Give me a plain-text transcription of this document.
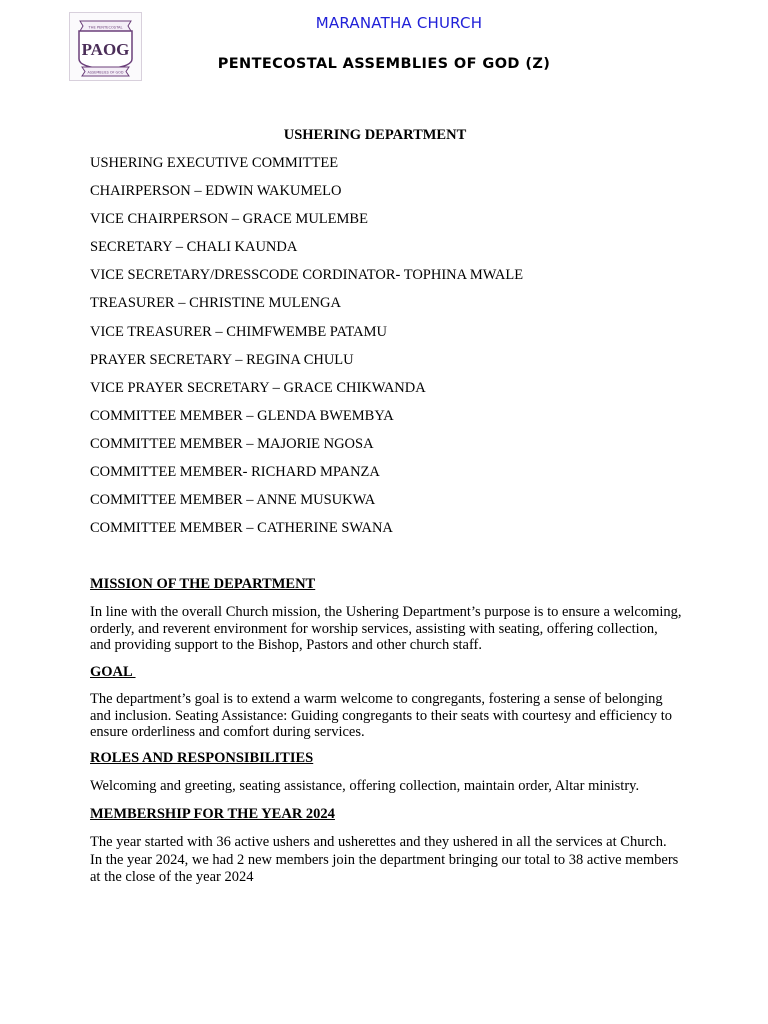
THE PENTECOSTAL
PAOG
ASSEMBLIES OF GOD
MARANATHA CHURCH
PENTECOSTAL ASSEMBLIES OF GOD (Z)
USHERING DEPARTMENT
USHERING EXECUTIVE COMMITTEE
CHAIRPERSON – EDWIN WAKUMELO
VICE CHAIRPERSON – GRACE MULEMBE
SECRETARY – CHALI KAUNDA
VICE SECRETARY/DRESSCODE CORDINATOR- TOPHINA MWALE
TREASURER – CHRISTINE MULENGA
VICE TREASURER – CHIMFWEMBE PATAMU
PRAYER SECRETARY – REGINA CHULU
VICE PRAYER SECRETARY – GRACE CHIKWANDA
COMMITTEE MEMBER – GLENDA BWEMBYA
COMMITTEE MEMBER – MAJORIE NGOSA
COMMITTEE MEMBER- RICHARD MPANZA
COMMITTEE MEMBER – ANNE MUSUKWA
COMMITTEE MEMBER – CATHERINE SWANA
MISSION OF THE DEPARTMENT

In line with the overall Church mission, the Ushering Department’s purpose is to ensure a welcoming, orderly, and reverent environment for worship services, assisting with seating, offering collection, and providing support to the Bishop, Pastors and other church staff.

GOAL

The department’s goal is to extend a warm welcome to congregants, fostering a sense of belonging and inclusion. Seating Assistance: Guiding congregants to their seats with courtesy and efficiency to ensure orderliness and comfort during services.

ROLES AND RESPONSIBILITIES

Welcoming and greeting, seating assistance, offering collection, maintain order, Altar ministry.

MEMBERSHIP FOR THE YEAR 2024

The year started with 36 active ushers and usherettes and they ushered in all the services at Church. In the year 2024, we had 2 new members join the department bringing our total to 38 active members at the close of the year 2024
